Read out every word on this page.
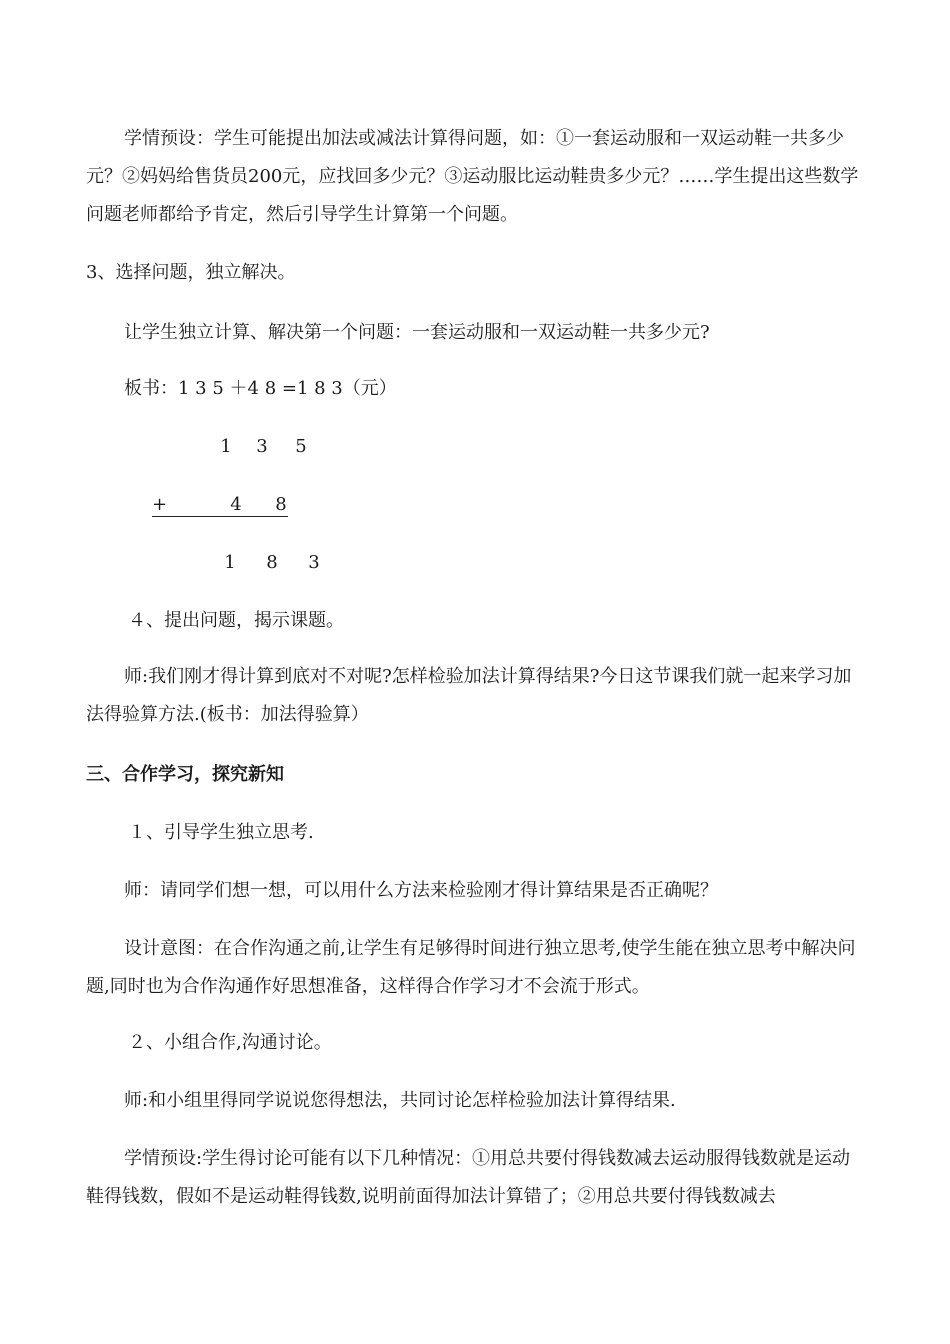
学情预设：学生可能提出加法或减法计算得问题，如：①一套运动服和一双运动鞋一共多少元？②妈妈给售货员200元，应找回多少元？③运动服比运动鞋贵多少元？……学生提出这些数学问题老师都给予肯定，然后引导学生计算第一个问题。

3、选择问题，独立解决。

让学生独立计算、解决第一个问题：一套运动服和一双运动鞋一共多少元?

板书：1 3 5 ＋4 8 =1 8 3（元）
1	3	5
+	4	8
1	8	3
４、提出问题，揭示课题。

师:我们刚才得计算到底对不对呢?怎样检验加法计算得结果?今日这节课我们就一起来学习加法得验算方法.(板书：加法得验算）

三、合作学习，探究新知
１、引导学生独立思考.

师：请同学们想一想，可以用什么方法来检验刚才得计算结果是否正确呢？

设计意图：在合作沟通之前,让学生有足够得时间进行独立思考,使学生能在独立思考中解决问题,同时也为合作沟通作好思想准备，这样得合作学习才不会流于形式。

２、小组合作,沟通讨论。

师:和小组里得同学说说您得想法，共同讨论怎样检验加法计算得结果.

学情预设:学生得讨论可能有以下几种情况：①用总共要付得钱数减去运动服得钱数就是运动鞋得钱数，假如不是运动鞋得钱数,说明前面得加法计算错了；②用总共要付得钱数减去
